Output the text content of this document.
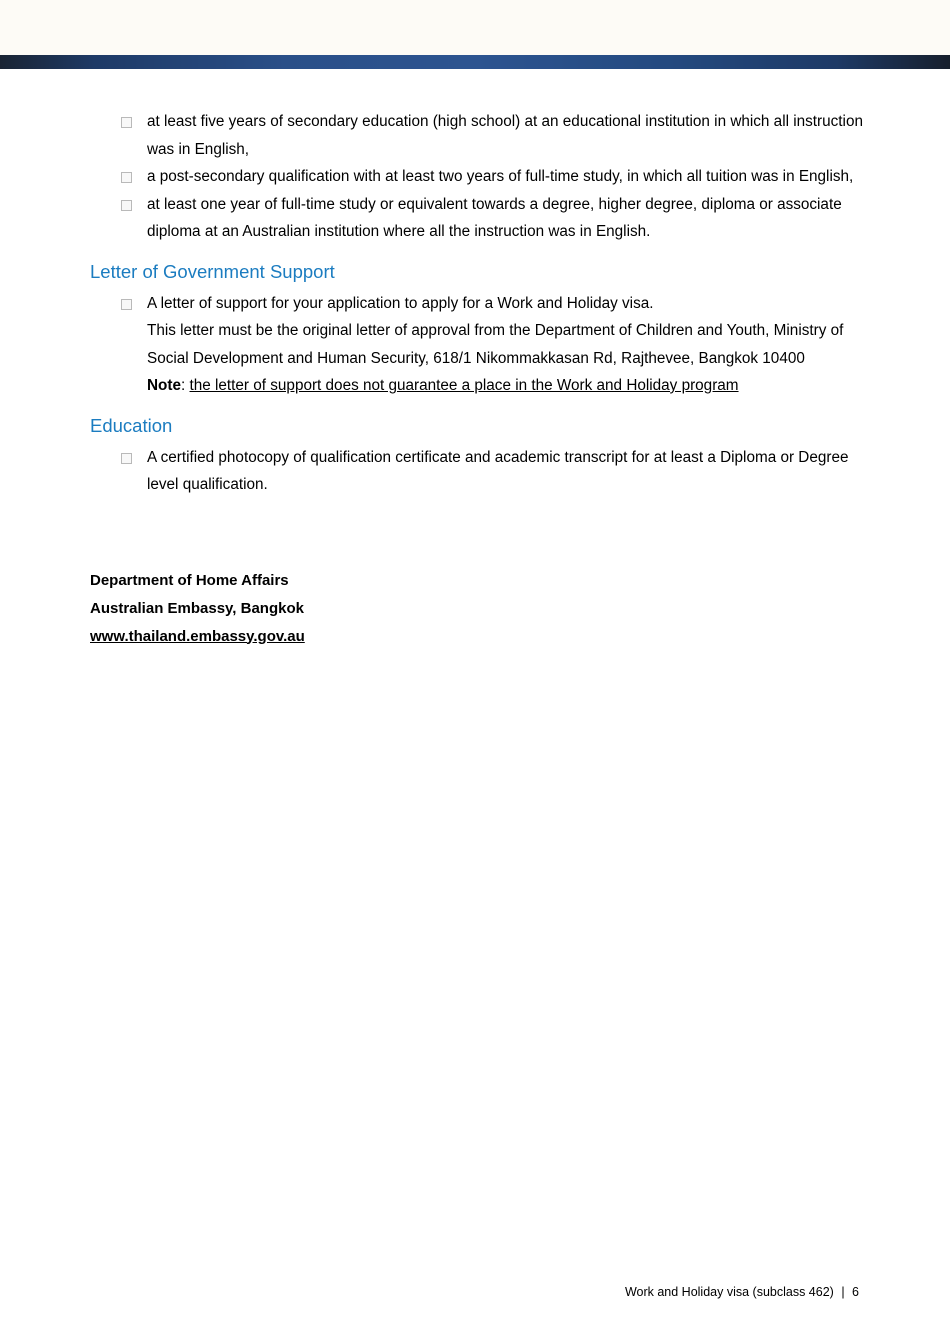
at least five years of secondary education (high school) at an educational institution in which all instruction was in English,
a post-secondary qualification with at least two years of full-time study, in which all tuition was in English,
at least one year of full-time study or equivalent towards a degree, higher degree, diploma or associate diploma at an Australian institution where all the instruction was in English.
Letter of Government Support
A letter of support for your application to apply for a Work and Holiday visa.
This letter must be the original letter of approval from the Department of Children and Youth, Ministry of Social Development and Human Security, 618/1 Nikommakkasan Rd, Rajthevee, Bangkok 10400
Note: the letter of support does not guarantee a place in the Work and Holiday program
Education
A certified photocopy of qualification certificate and academic transcript for at least a Diploma or Degree level qualification.
Department of Home Affairs
Australian Embassy, Bangkok
www.thailand.embassy.gov.au
Work and Holiday visa (subclass 462) | 6
